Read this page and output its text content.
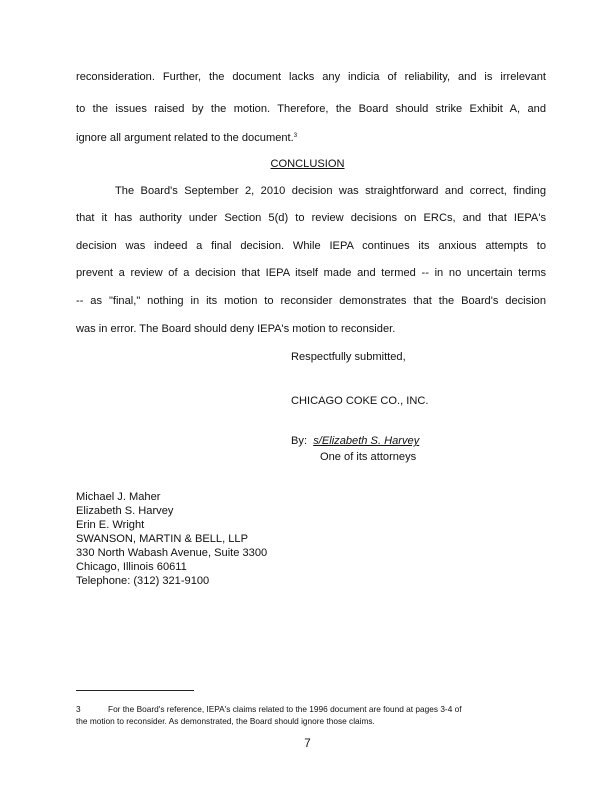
reconsideration. Further, the document lacks any indicia of reliability, and is irrelevant
to the issues raised by the motion. Therefore, the Board should strike Exhibit A, and
ignore all argument related to the document.$^3$
CONCLUSION
The Board's September 2, 2010 decision was straightforward and correct, finding
that it has authority under Section 5(d) to review decisions on ERCs, and that IEPA's
decision was indeed a final decision. While IEPA continues its anxious attempts to
prevent a review of a decision that IEPA itself made and termed -- in no uncertain terms
-- as "final," nothing in its motion to reconsider demonstrates that the Board's decision
was in error. The Board should deny IEPA's motion to reconsider.
Respectfully submitted,
CHICAGO COKE CO., INC.
By: s/Elizabeth S. Harvey
One of its attorneys
Michael J. Maher
Elizabeth S. Harvey
Erin E. Wright
SWANSON, MARTIN & BELL, LLP
330 North Wabash Avenue, Suite 3300
Chicago, Illinois 60611
Telephone: (312) 321-9100
3	For the Board's reference, IEPA's claims related to the 1996 document are found at pages 3-4 of
the motion to reconsider. As demonstrated, the Board should ignore those claims.
7
